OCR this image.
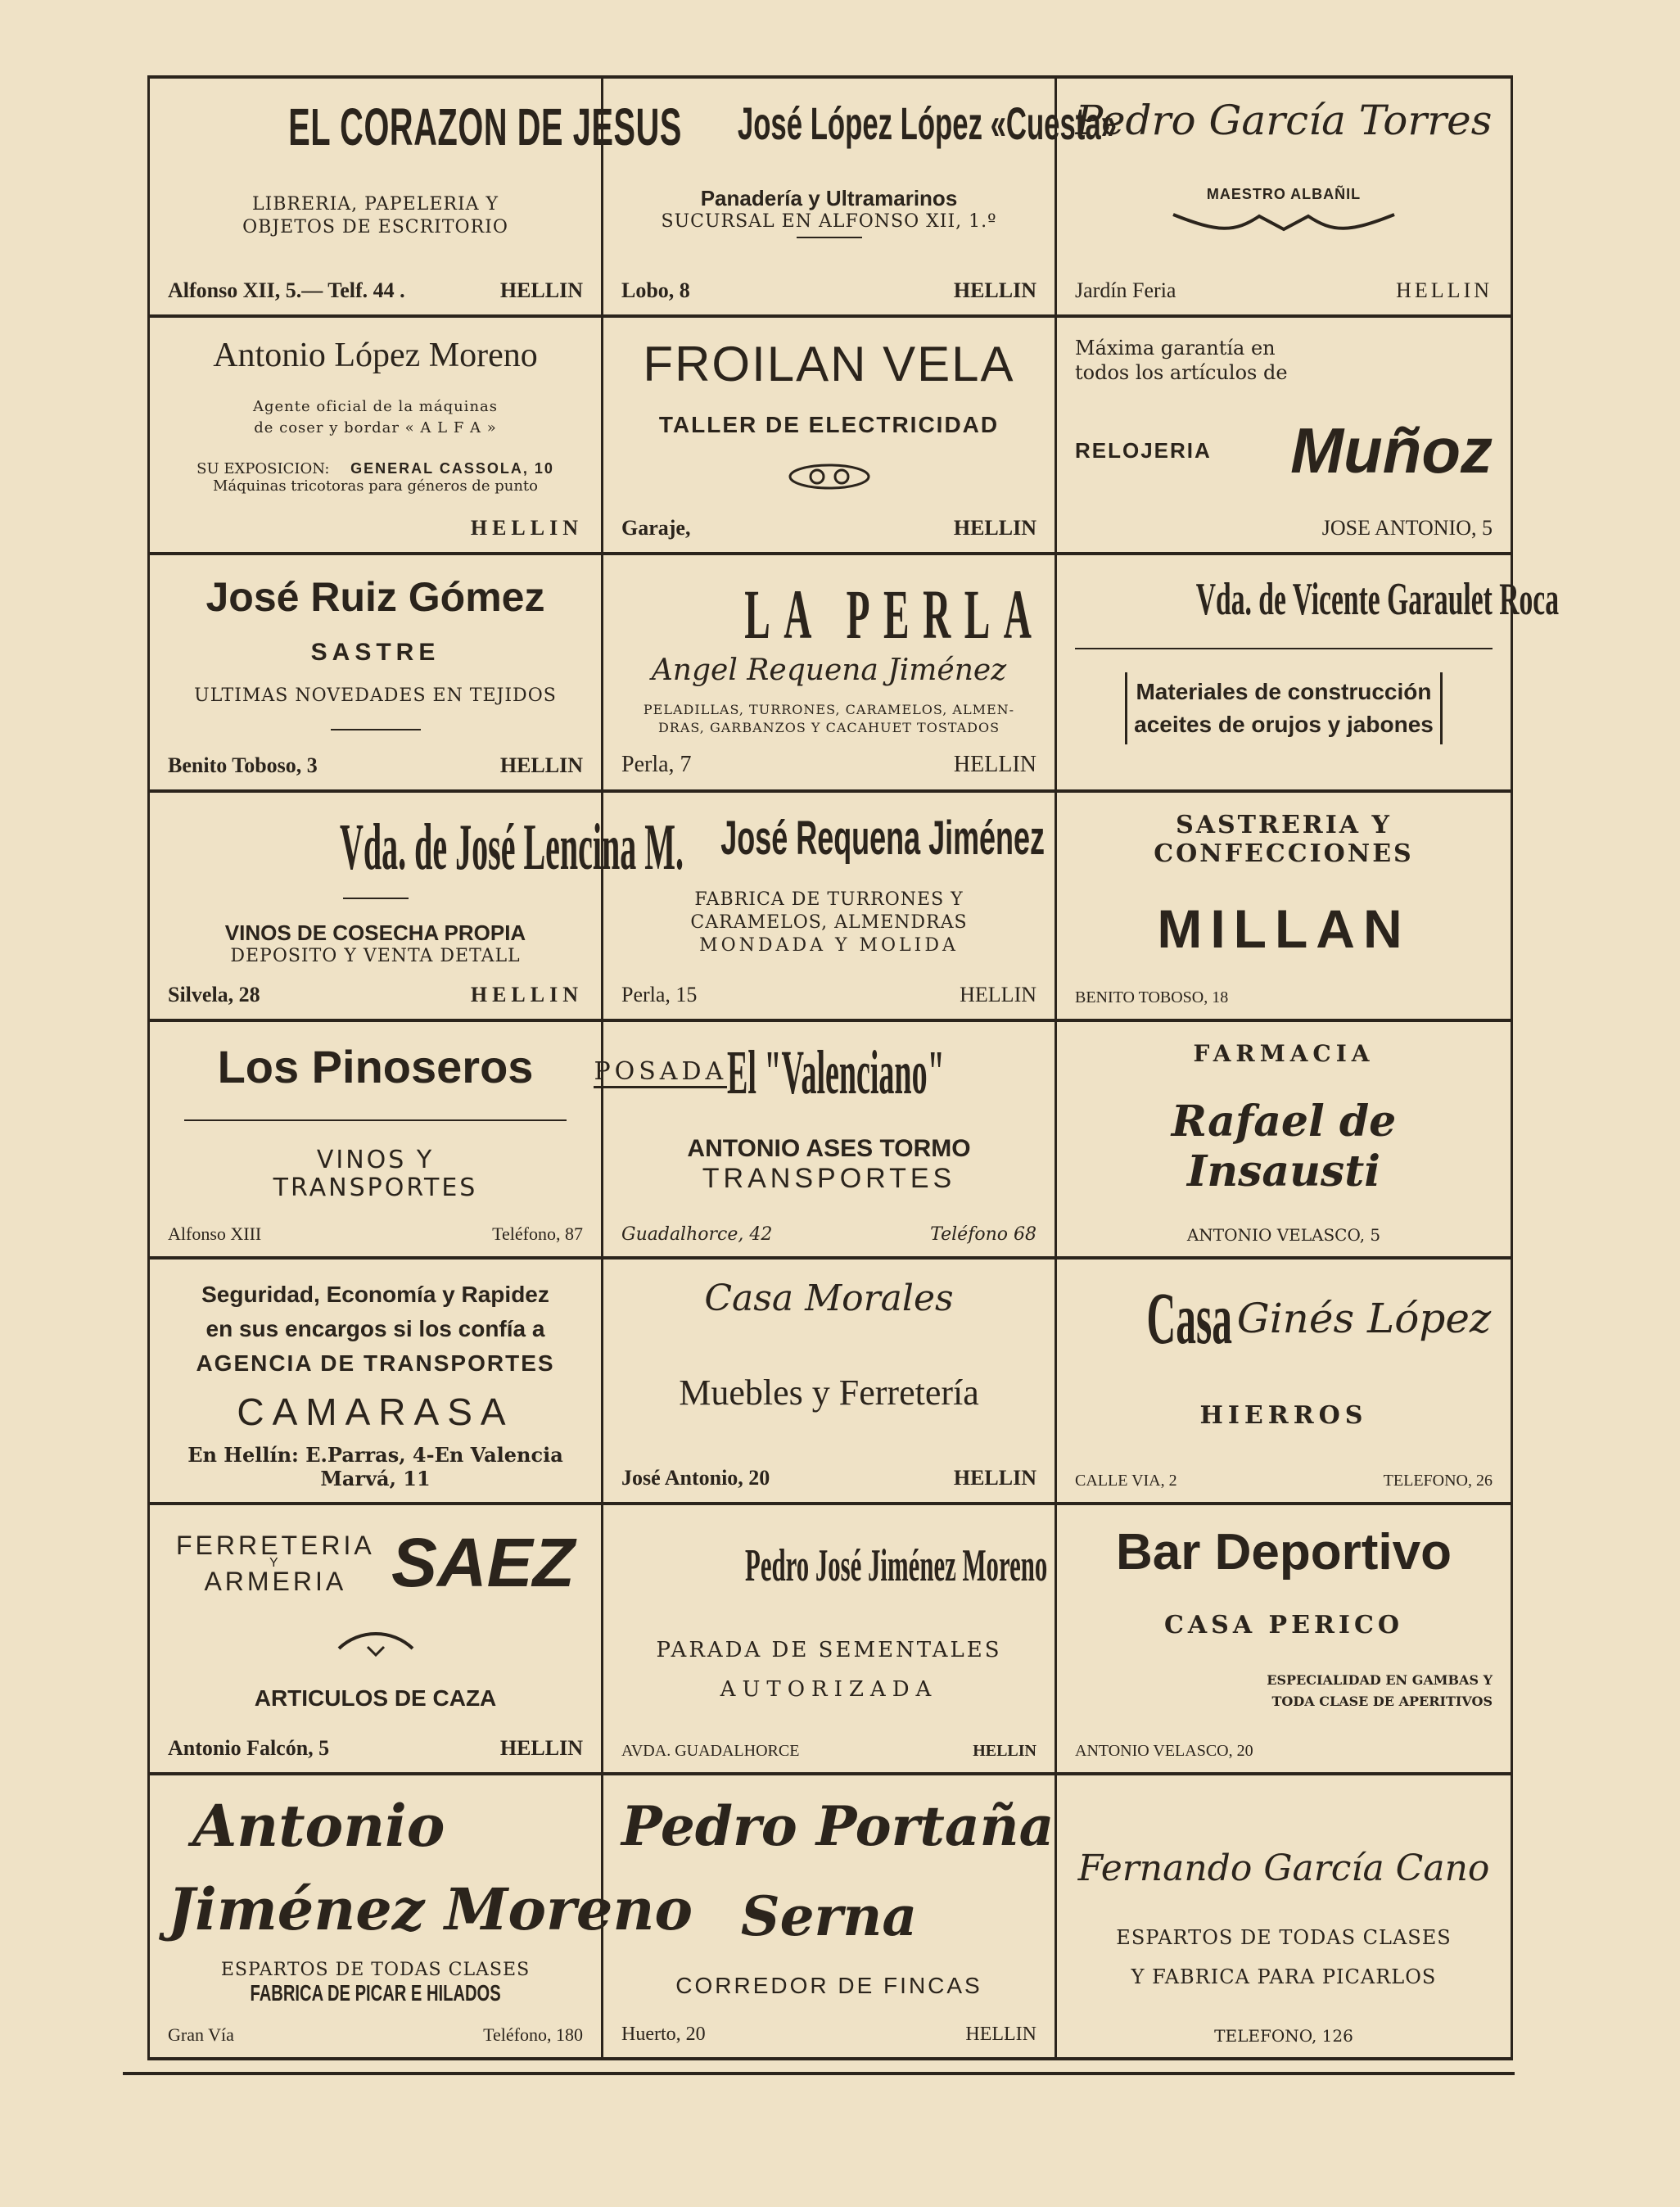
EL CORAZON DE JESUS
LIBRERIA, PAPELERIA Y
OBJETOS DE ESCRITORIO
Alfonso XII, 5.— Telf. 44 .	HELLIN
José López López «Cuesta»
Panadería y Ultramarinos
SUCURSAL EN ALFONSO XII, 1.º
Lobo, 8	HELLIN
Pedro García Torres
MAESTRO ALBAÑIL
Jardín Feria	HELLIN
Antonio López Moreno
Agente oficial de la máquinas
de coser y bordar « A L F A »
SU EXPOSICION: GENERAL CASSOLA, 10
Máquinas tricotoras para géneros de punto
HELLIN
FROILAN VELA
TALLER DE ELECTRICIDAD
Garaje,	HELLIN
Máxima garantía en
todos los artículos de
RELOJERIA Muñoz
JOSE ANTONIO, 5
José Ruiz Gómez
SASTRE
ULTIMAS NOVEDADES EN TEJIDOS
Benito Toboso, 3	HELLIN
LA PERLA
Angel Requena Jiménez
PELADILLAS, TURRONES, CARAMELOS, ALMEN-
DRAS, GARBANZOS Y CACAHUET TOSTADOS
Perla, 7	HELLIN
Vda. de Vicente Garaulet Roca
Materiales de construcción
aceites de orujos y jabones
Vda. de José Lencina M.
VINOS DE COSECHA PROPIA
DEPOSITO Y VENTA DETALL
Silvela, 28	HELLIN
José Requena Jiménez
FABRICA DE TURRONES Y
CARAMELOS, ALMENDRAS
MONDADA Y MOLIDA
Perla, 15	HELLIN
SASTRERIA Y
CONFECCIONES
MILLAN
BENITO TOBOSO, 18
Los Pinoseros
VINOS Y
TRANSPORTES
Alfonso XIII	Teléfono, 87
POSADA El "Valenciano"
ANTONIO ASES TORMO
TRANSPORTES
Guadalhorce, 42	Teléfono 68
FARMACIA
Rafael de Insausti
ANTONIO VELASCO, 5
Seguridad, Economía y Rapidez
en sus encargos si los confía a
AGENCIA DE TRANSPORTES
CAMARASA
En Hellín: E.Parras, 4-En Valencia Marvá, 11
Casa Morales
Muebles y Ferretería
José Antonio, 20	HELLIN
Casa Ginés López
HIERROS
CALLE VIA, 2	TELEFONO, 26
FERRETERIA
Y
ARMERIA SAEZ
ARTICULOS DE CAZA
Antonio Falcón, 5	HELLIN
Pedro José Jiménez Moreno
PARADA DE SEMENTALES
AUTORIZADA
AVDA. GUADALHORCE	HELLIN
Bar Deportivo
CASA PERICO
ESPECIALIDAD EN GAMBAS Y
TODA CLASE DE APERITIVOS
ANTONIO VELASCO, 20
Antonio
Jiménez Moreno
ESPARTOS DE TODAS CLASES
FABRICA DE PICAR E HILADOS
Gran Vía	Teléfono, 180
Pedro Portaña
Serna
CORREDOR DE FINCAS
Huerto, 20	HELLIN
Fernando García Cano
ESPARTOS DE TODAS CLASES
Y FABRICA PARA PICARLOS
TELEFONO, 126
